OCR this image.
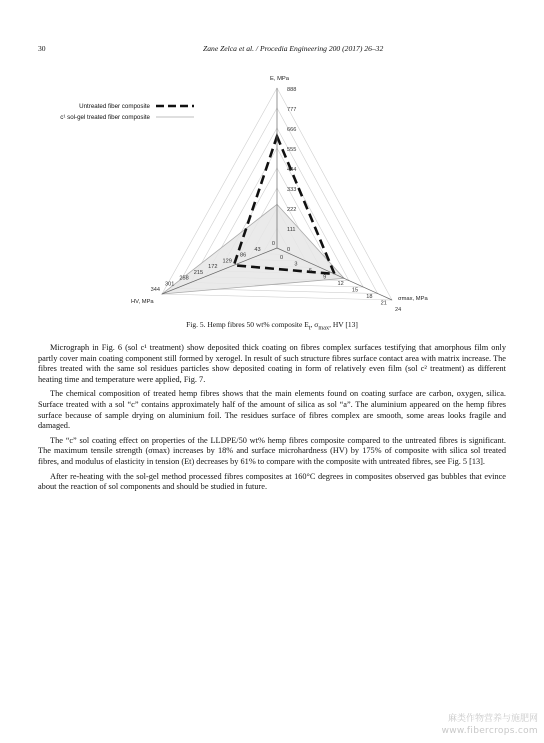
30	Zane Zelca et al. / Procedia Engineering 200 (2017) 26–32
0
111
222
333
444
555
666
777
888
0
3
6
9
12
15
18
21
24
0
43
86
129
172
215
258
301
344
E, MPa
σmax, MPa
HV, MPa
Untreated fiber composite
c¹ sol-gel treated fiber composite
Fig. 5. Hemp fibres 50 wt% composite $E_t$, $\sigma_{max}$, HV [13]

Micrograph in Fig. 6 (sol c¹ treatment) show deposited thick coating on fibres complex surfaces testifying that amorphous film only partly cover main coating component still formed by xerogel. In result of such structure fibres surface contact area with matrix increase. The fibres treated with the same sol residues particles show deposited coating in form of relatively even film (sol c² treatment) as different heating time and temperature were applied, Fig. 7.

The chemical composition of treated hemp fibres shows that the main elements found on coating surface are carbon, oxygen, silica. Surface treated with a sol “c” contains approximately half of the amount of silica as sol “a”. The aluminium appeared on the hemp fibres surface because of sample drying on aluminium foil. The residues surface of fibres complex are smooth, some areas looks fragile and damaged.

The “c” sol coating effect on properties of the LLDPE/50 wt% hemp fibres composite compared to the untreated fibres is significant. The maximum tensile strength (σmax) increases by 18% and surface microhardness (HV) by 175% of composite with silica sol treated fibres, and modulus of elasticity in tension (Et) decreases by 61% to compare with the composite with untreated fibres, see Fig. 5 [13].

After re-heating with the sol-gel method processed fibres composites at 160°C degrees in composites observed gas bubbles that evince about the reaction of sol components and should be studied in future.

麻类作物营养与施肥网
www.fibercrops.com
